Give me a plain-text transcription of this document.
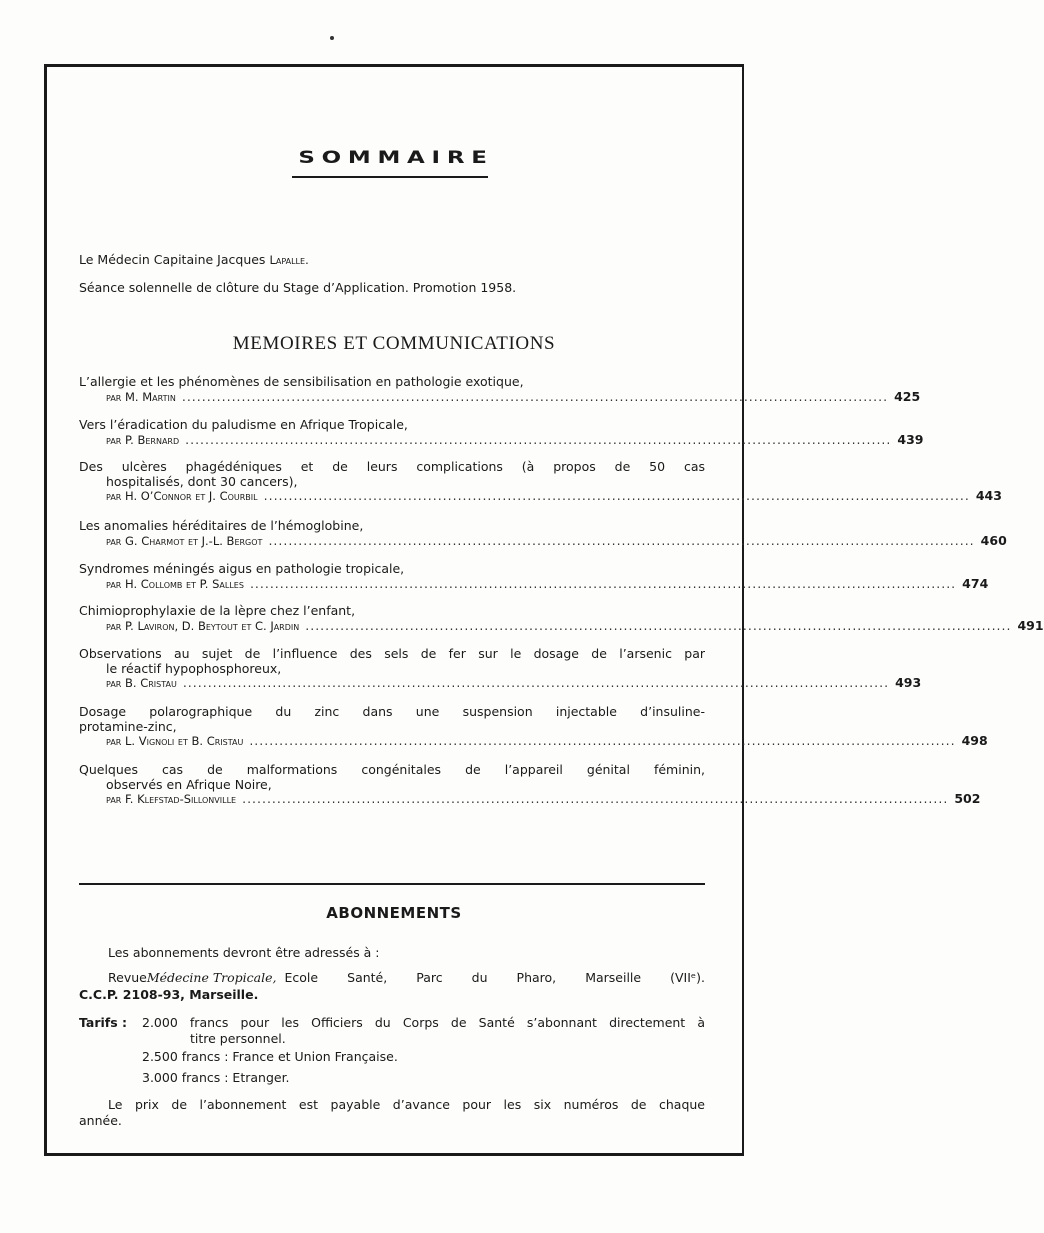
SOMMAIRE
Le Médecin Capitaine Jacques Lapalle.
Séance solennelle de clôture du Stage d’Application. Promotion 1958.
MEMOIRES ET COMMUNICATIONS
L’allergie et les phénomènes de sensibilisation en pathologie exotique,
par M. Martin .............................................................................................................................................. 425
Vers l’éradication du paludisme en Afrique Tropicale,
par P. Bernard .............................................................................................................................................. 439
Des ulcères phagédéniques et de leurs complications (à propos de 50 cas
hospitalisés, dont 30 cancers),
par H. O’Connor et J. Courbil .............................................................................................................................................. 443
Les anomalies héréditaires de l’hémoglobine,
par G. Charmot et J.-L. Bergot .............................................................................................................................................. 460
Syndromes méningés aigus en pathologie tropicale,
par H. Collomb et P. Salles .............................................................................................................................................. 474
Chimioprophylaxie de la lèpre chez l’enfant,
par P. Laviron, D. Beytout et C. Jardin .............................................................................................................................................. 491
Observations au sujet de l’influence des sels de fer sur le dosage de l’arsenic par
le réactif hypophosphoreux,
par B. Cristau .............................................................................................................................................. 493
Dosage polarographique du zinc dans une suspension injectable d’insuline-
protamine-zinc,
par L. Vignoli et B. Cristau .............................................................................................................................................. 498
Quelques cas de malformations congénitales de l’appareil génital féminin,
observés en Afrique Noire,
par F. Klefstad-Sillonville .............................................................................................................................................. 502
ABONNEMENTS
Les abonnements devront être adressés à :
Revue Médecine Tropicale, Ecole Santé, Parc du Pharo, Marseille (VIIᵉ).
C.C.P. 2108-93, Marseille.
Tarifs : 2.000 francs pour les Officiers du Corps de Santé s’abonnant directement à
titre personnel.
2.500 francs : France et Union Française.
3.000 francs : Etranger.
Le prix de l’abonnement est payable d’avance pour les six numéros de chaque
année.
